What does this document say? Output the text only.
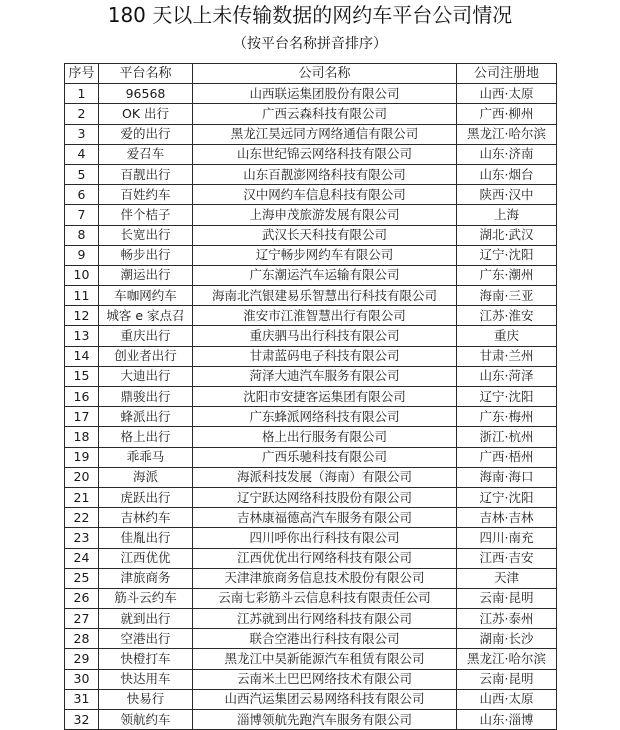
180 天以上未传输数据的网约车平台公司情况
（按平台名称拼音排序）
序号	平台名称	公司名称	公司注册地
1	96568	山西联运集团股份有限公司	山西·太原
2	OK 出行	广西云森科技有限公司	广西·柳州
3	爱的出行	黑龙江昊远同方网络通信有限公司	黑龙江·哈尔滨
4	爱召车	山东世纪锦云网络科技有限公司	山东·济南
5	百靓出行	山东百靓澎网络科技有限公司	山东·烟台
6	百姓约车	汉中网约车信息科技有限公司	陕西·汉中
7	伴个桔子	上海申茂旅游发展有限公司	上海
8	长宽出行	武汉长天科技有限公司	湖北·武汉
9	畅步出行	辽宁畅步网约车有限公司	辽宁·沈阳
10	潮运出行	广东潮运汽车运输有限公司	广东·潮州
11	车咖网约车	海南北汽银建易乐智慧出行科技有限公司	海南·三亚
12	城客 e 家点召	淮安市江淮智慧出行有限公司	江苏·淮安
13	重庆出行	重庆驷马出行科技有限公司	重庆
14	创业者出行	甘肃蓝码电子科技有限公司	甘肃·兰州
15	大迪出行	菏泽大迪汽车服务有限公司	山东·菏泽
16	鼎骏出行	沈阳市安捷客运集团有限公司	辽宁·沈阳
17	蜂派出行	广东蜂派网络科技有限公司	广东·梅州
18	格上出行	格上出行服务有限公司	浙江·杭州
19	乖乖马	广西乐驰科技有限公司	广西·梧州
20	海派	海派科技发展（海南）有限公司	海南·海口
21	虎跃出行	辽宁跃达网络科技股份有限公司	辽宁·沈阳
22	吉林约车	吉林康福德高汽车服务有限公司	吉林·吉林
23	佳胤出行	四川呼你出行科技有限公司	四川·南充
24	江西优优	江西优优出行网络科技有限公司	江西·吉安
25	津旅商务	天津津旅商务信息技术股份有限公司	天津
26	筋斗云约车	云南七彩筋斗云信息科技有限责任公司	云南·昆明
27	就到出行	江苏就到出行网络科技有限公司	江苏·泰州
28	空港出行	联合空港出行科技有限公司	湖南·长沙
29	快橙打车	黑龙江中昊新能源汽车租赁有限公司	黑龙江·哈尔滨
30	快达用车	云南米土巴巴网络技术有限公司	云南·昆明
31	快易行	山西汽运集团云易网络科技有限公司	山西·太原
32	领航约车	淄博领航先跑汽车服务有限公司	山东·淄博
